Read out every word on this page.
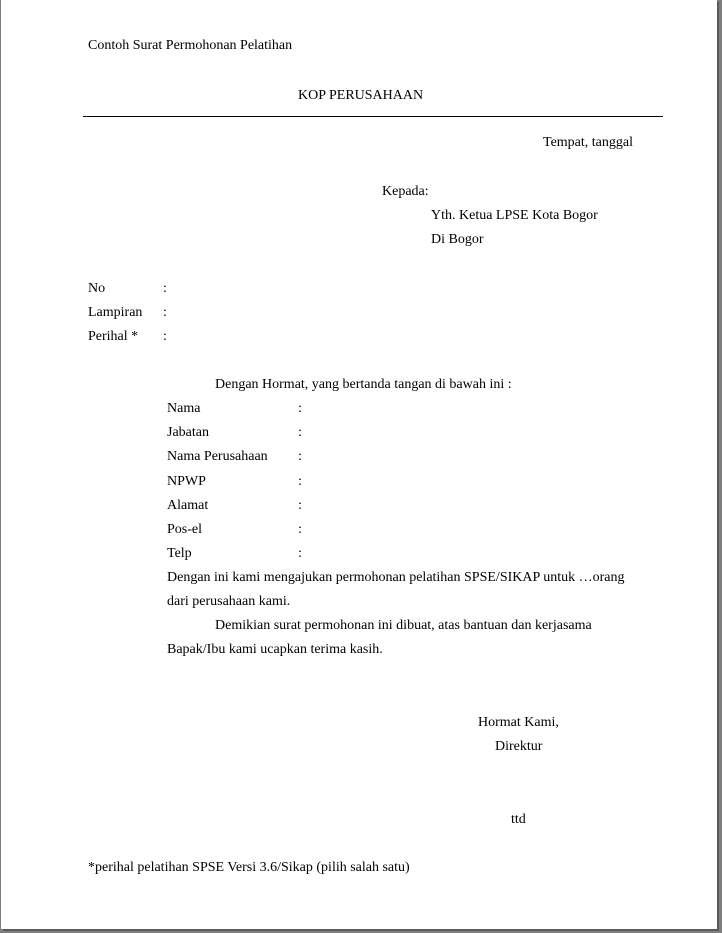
Contoh Surat Permohonan Pelatihan
KOP PERUSAHAAN
Tempat, tanggal
Kepada:
Yth. Ketua LPSE Kota Bogor
Di Bogor
No	:
Lampiran :
Perihal * :
Dengan Hormat, yang bertanda tangan di bawah ini :
Nama	:
Jabatan	:
Nama Perusahaan :
NPWP	:
Alamat	:
Pos-el	:
Telp	:
Dengan ini kami mengajukan permohonan pelatihan SPSE/SIKAP untuk …orang
dari perusahaan kami.
Demikian surat permohonan ini dibuat, atas bantuan dan kerjasama
Bapak/Ibu kami ucapkan terima kasih.
Hormat Kami,
Direktur
ttd
*perihal pelatihan SPSE Versi 3.6/Sikap (pilih salah satu)
